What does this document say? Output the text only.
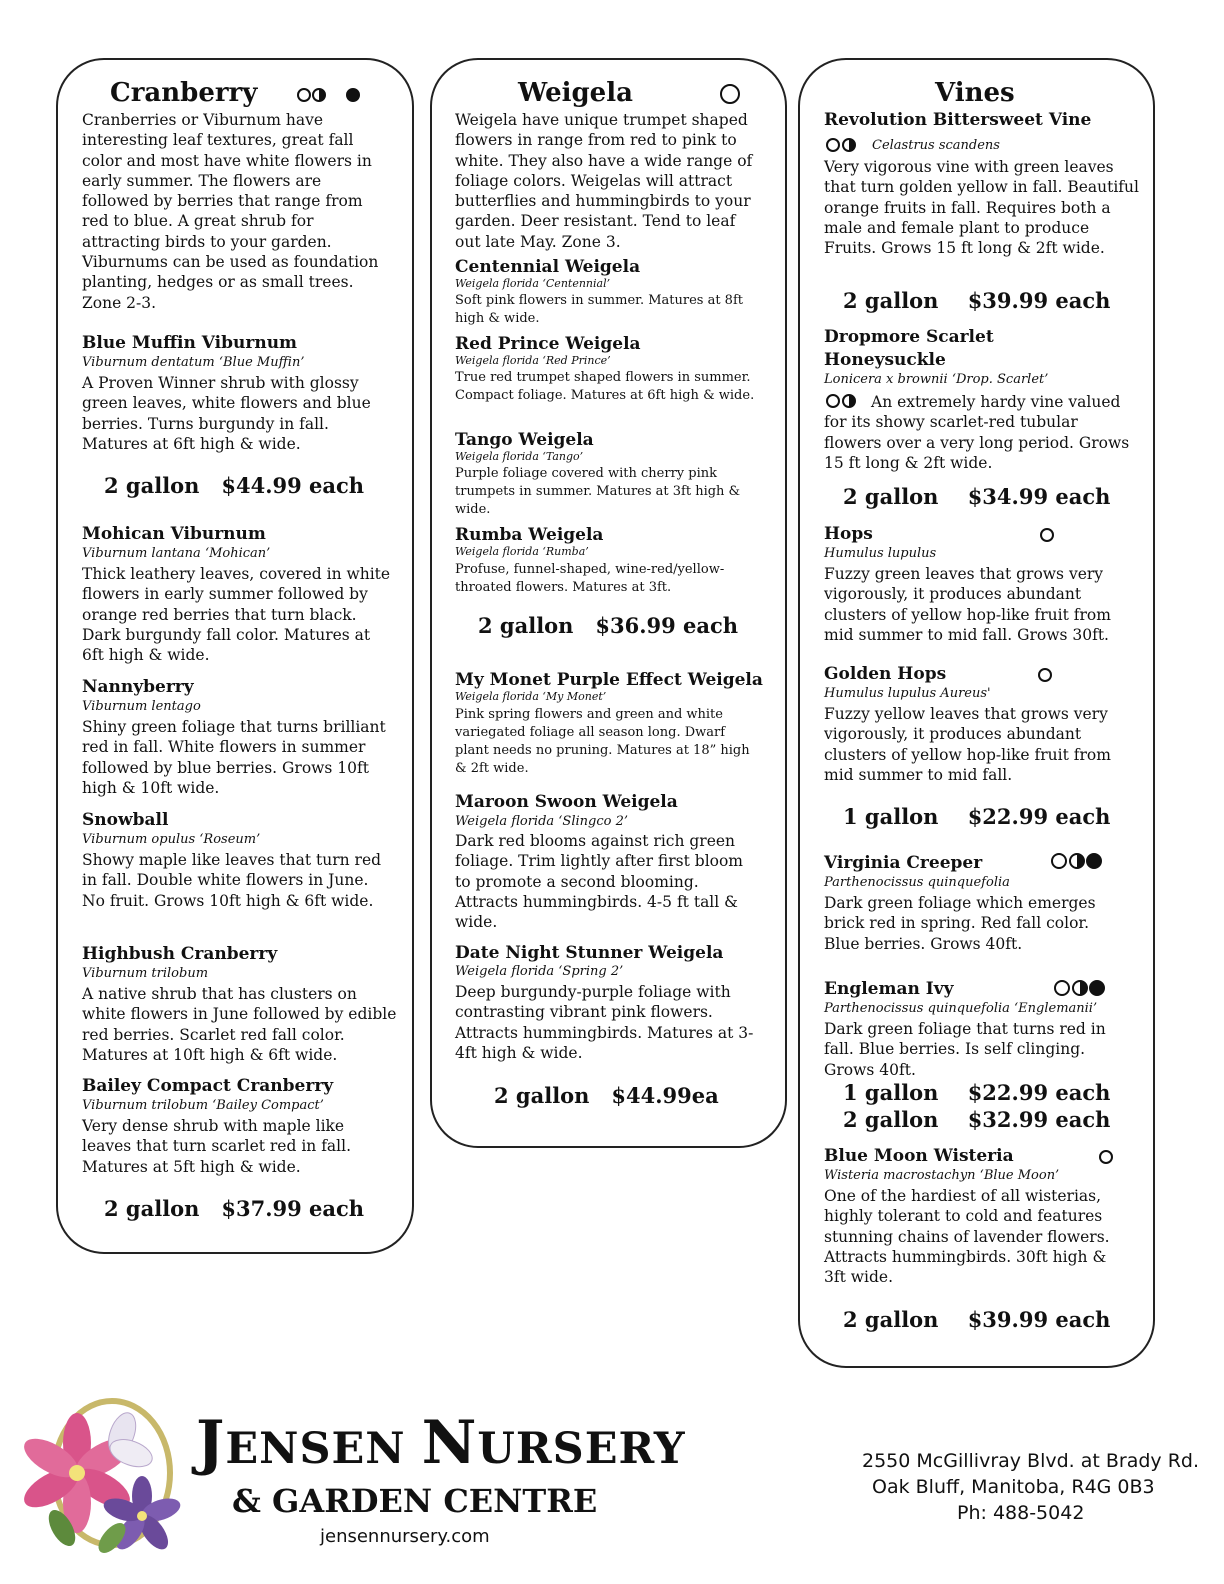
Cranberry
Cranberries or Viburnum have interesting leaf textures, great fall color and most have white flowers in early summer. The flowers are followed by berries that range from red to blue. A great shrub for attracting birds to your garden. Viburnums can be used as foundation planting, hedges or as small trees. Zone 2-3.
Blue Muffin Viburnum
Viburnum dentatum ‘Blue Muffin’
A Proven Winner shrub with glossy green leaves, white flowers and blue berries. Turns burgundy in fall. Matures at 6ft high & wide.
2 gallon   $44.99 each
Mohican Viburnum
Viburnum lantana ‘Mohican’
Thick leathery leaves, covered in white flowers in early summer followed by orange red berries that turn black. Dark burgundy fall color. Matures at 6ft high & wide.
Nannyberry
Viburnum lentago
Shiny green foliage that turns brilliant red in fall. White flowers in summer followed by blue berries. Grows 10ft high & 10ft wide.
Snowball
Viburnum opulus ‘Roseum’
Showy maple like leaves that turn red in fall. Double white flowers in June. No fruit. Grows 10ft high & 6ft wide.
Highbush Cranberry
Viburnum trilobum
A native shrub that has clusters on white flowers in June followed by edible red berries. Scarlet red fall color. Matures at 10ft high & 6ft wide.
Bailey Compact Cranberry
Viburnum trilobum ‘Bailey Compact’
Very dense shrub with maple like leaves that turn scarlet red in fall. Matures at 5ft high & wide.
2 gallon   $37.99 each
Weigela
Weigela have unique trumpet shaped flowers in range from red to pink to white. They also have a wide range of foliage colors. Weigelas will attract butterflies and hummingbirds to your garden. Deer resistant. Tend to leaf out late May. Zone 3.
Centennial Weigela
Weigela florida ‘Centennial’
Soft pink flowers in summer. Matures at 8ft high & wide.
Red Prince Weigela
Weigela florida ‘Red Prince’
True red trumpet shaped flowers in summer. Compact foliage. Matures at 6ft high & wide.
Tango Weigela
Weigela florida ‘Tango’
Purple foliage covered with cherry pink trumpets in summer. Matures at 3ft high & wide.
Rumba Weigela
Weigela florida ‘Rumba’
Profuse, funnel-shaped, wine-red/yellow-throated flowers. Matures at 3ft.
2 gallon   $36.99 each
My Monet Purple Effect Weigela
Weigela florida ‘My Monet’
Pink spring flowers and green and white variegated foliage all season long. Dwarf plant needs no pruning. Matures at 18” high & 2ft wide.
Maroon Swoon Weigela
Weigela florida ‘Slingco 2’
Dark red blooms against rich green foliage. Trim lightly after first bloom to promote a second blooming. Attracts hummingbirds. 4-5 ft tall & wide.
Date Night Stunner Weigela
Weigela florida ‘Spring 2’
Deep burgundy-purple foliage with contrasting vibrant pink flowers. Attracts hummingbirds. Matures at 3-4ft high & wide.
2 gallon   $44.99ea
Vines
Revolution Bittersweet Vine
Celastrus scandens
Very vigorous vine with green leaves that turn golden yellow in fall. Beautiful orange fruits in fall. Requires both a male and female plant to produce Fruits. Grows 15 ft long & 2ft wide.
2 gallon    $39.99 each
Dropmore Scarlet Honeysuckle
Lonicera x brownii ‘Drop. Scarlet’
An extremely hardy vine valued for its showy scarlet-red tubular flowers over a very long period. Grows 15 ft long & 2ft wide.
2 gallon    $34.99 each
Hops
Humulus lupulus
Fuzzy green leaves that grows very vigorously, it produces abundant clusters of yellow hop-like fruit from mid summer to mid fall. Grows 30ft.
Golden Hops
Humulus lupulus Aureus'
Fuzzy yellow leaves that grows very vigorously, it produces abundant clusters of yellow hop-like fruit from mid summer to mid fall.
1 gallon    $22.99 each
Virginia Creeper
Parthenocissus quinquefolia
Dark green foliage which emerges brick red in spring. Red fall color. Blue berries. Grows 40ft.
Engleman Ivy
Parthenocissus quinquefolia ‘Englemanii’
Dark green foliage that turns red in fall. Blue berries. Is self clinging. Grows 40ft.
1 gallon    $22.99 each
2 gallon    $32.99 each
Blue Moon Wisteria
Wisteria macrostachyn ‘Blue Moon’
One of the hardiest of all wisterias, highly tolerant to cold and features stunning chains of lavender flowers. Attracts hummingbirds. 30ft high & 3ft wide.
2 gallon    $39.99 each
JENSEN NURSERY
& GARDEN CENTRE
jensennursery.com
2550 McGillivray Blvd. at Brady Rd.
Oak Bluff, Manitoba, R4G 0B3
Ph: 488-5042
